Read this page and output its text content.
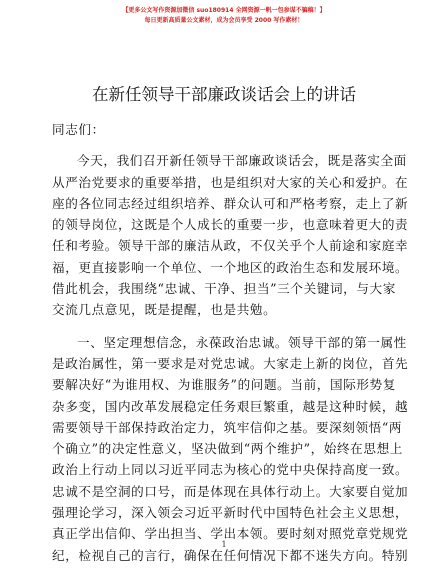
【更多公文写作资源加微信 suo180914 全网资源一帆一包参谋不骗稿！】
每日更新高质量公文素材，成为会员享受 2000 写作素材！
在新任领导干部廉政谈话会上的讲话

同志们：

今天，我们召开新任领导干部廉政谈话会，既是落实全面

从严治党要求的重要举措，也是组织对大家的关心和爱护。在

座的各位同志经过组织培养、群众认可和严格考察，走上了新

的领导岗位，这既是个人成长的重要一步，也意味着更大的责

任和考验。领导干部的廉洁从政，不仅关乎个人前途和家庭幸

福，更直接影响一个单位、一个地区的政治生态和发展环境。

借此机会，我围绕“忠诚、干净、担当”三个关键词，与大家

交流几点意见，既是提醒，也是共勉。

一、坚定理想信念，永葆政治忠诚。领导干部的第一属性

是政治属性，第一要求是对党忠诚。大家走上新的岗位，首先

要解决好“为谁用权、为谁服务”的问题。当前，国际形势复

杂多变，国内改革发展稳定任务艰巨繁重，越是这种时候，越

需要领导干部保持政治定力，筑牢信仰之基。要深刻领悟“两

个确立”的决定性意义，坚决做到“两个维护”，始终在思想上

政治上行动上同以习近平同志为核心的党中央保持高度一致。

忠诚不是空洞的口号，而是体现在具体行动上。大家要自觉加

强理论学习，深入领会习近平新时代中国特色社会主义思想，

真正学出信仰、学出担当、学出本领。要时刻对照党章党规党

纪，检视自己的言行，确保在任何情况下都不迷失方向。特别

1
